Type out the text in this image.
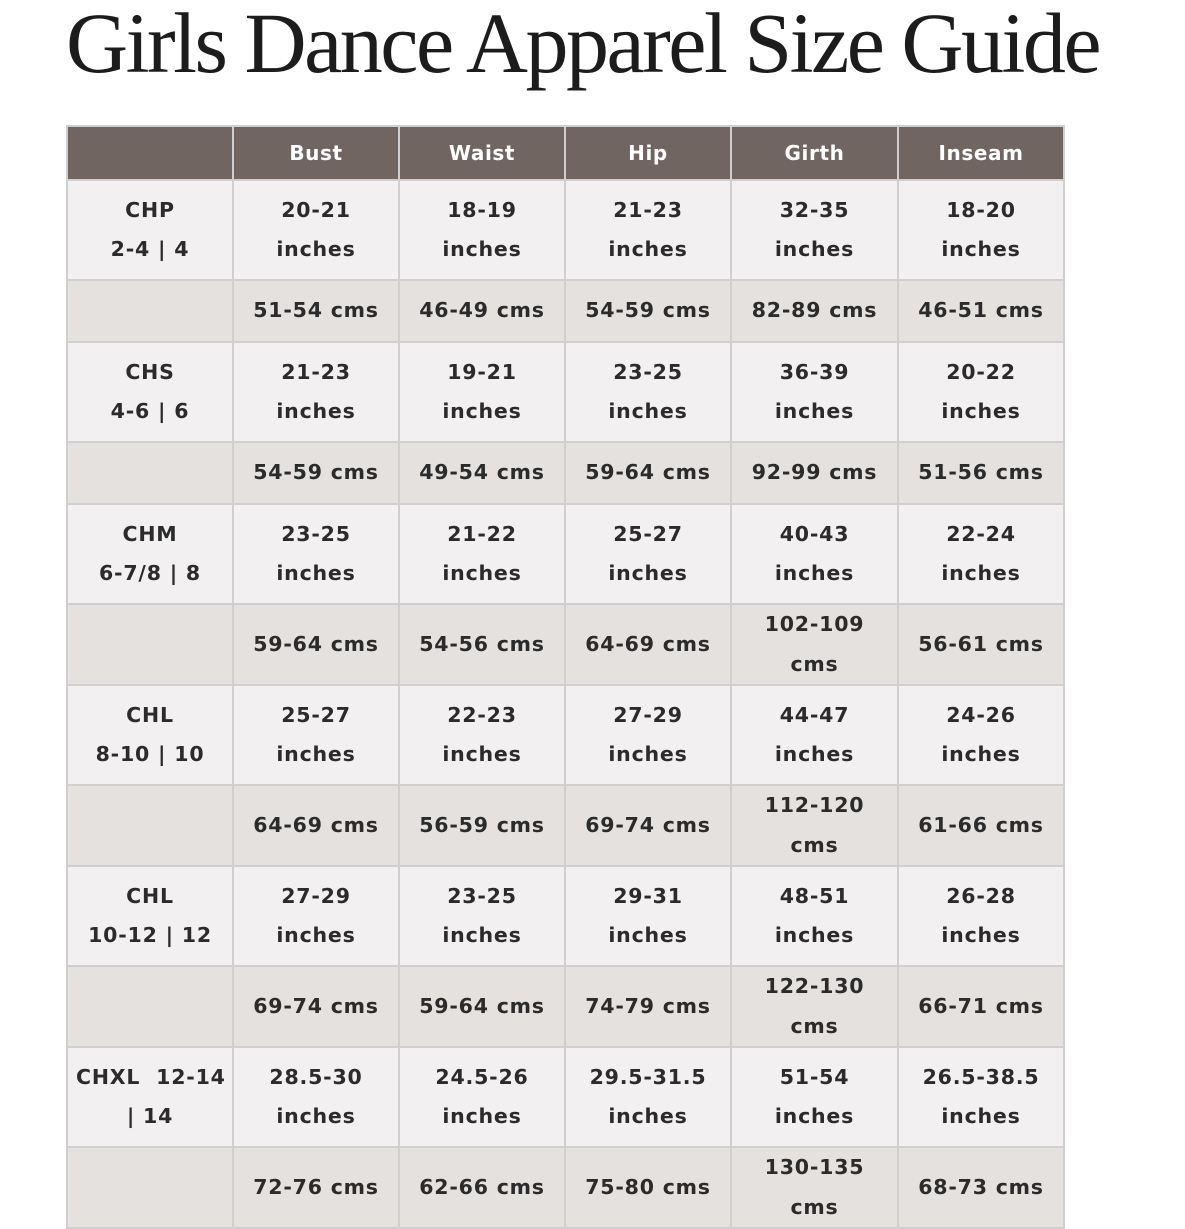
Girls Dance Apparel Size Guide
	Bust	Waist	Hip	Girth	Inseam

CHP
2-4 | 4	20-21 inches	18-19 inches	21-23 inches	32-35 inches	18-20 inches
	51-54 cms	46-49 cms	54-59 cms	82-89 cms	46-51 cms

CHS
4-6 | 6	21-23 inches	19-21 inches	23-25 inches	36-39 inches	20-22 inches
	54-59 cms	49-54 cms	59-64 cms	92-99 cms	51-56 cms

CHM
6-7/8 | 8	23-25 inches	21-22 inches	25-27 inches	40-43 inches	22-24 inches
	59-64 cms	54-56 cms	64-69 cms	102-109 cms	56-61 cms

CHL
8-10 | 10	25-27 inches	22-23 inches	27-29 inches	44-47 inches	24-26 inches
	64-69 cms	56-59 cms	69-74 cms	112-120 cms	61-66 cms

CHL
10-12 | 12	27-29 inches	23-25 inches	29-31 inches	48-51 inches	26-28 inches
	69-74 cms	59-64 cms	74-79 cms	122-130 cms	66-71 cms

CHXL  12-14
| 14	28.5-30 inches	24.5-26 inches	29.5-31.5 inches	51-54 inches	26.5-38.5 inches
	72-76 cms	62-66 cms	75-80 cms	130-135 cms	68-73 cms
